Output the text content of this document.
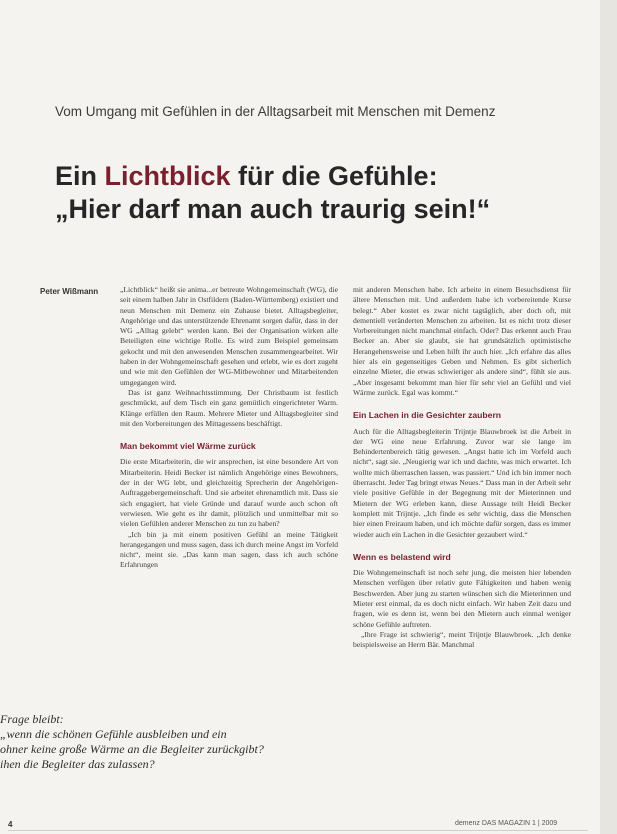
Vom Umgang mit Gefühlen in der Alltagsarbeit mit Menschen mit Demenz
Ein Lichtblick für die Gefühle:
„Hier darf man auch traurig sein!“
Peter Wißmann	„Lichtblick“ heißt sie anima...er betreute Wohngemeinschaft (WG), die seit einem halben Jahr in Ostfildern (Baden-Württemberg) existiert und neun Menschen mit Demenz ein Zuhause bietet. Alltagsbegleiter, Angehörige und das unterstützende Ehrenamt sorgen dafür, dass in der WG „Alltag gelebt“ werden kann. Bei der Organisation wirken alle Beteiligten eine wichtige Rolle. Es wird zum Beispiel gemeinsam gekocht und mit den anwesenden Menschen zusammengearbeitet. Wir haben in der Wohngemeinschaft gesehen und erlebt, wie es dort zugeht und wie mit den Gefühlen der WG-Mitbewohner und Mitarbeitenden umgegangen wird.

Das ist ganz Weihnachtsstimmung. Der Christbaum ist festlich geschmückt, auf dem Tisch ein ganz gemütlich eingerichteter Warm. Klänge erfüllen den Raum. Mehrere Mieter und Alltagsbegleiter sind mit den Vorbereitungen des Mittagessens beschäftigt.

Man bekommt viel Wärme zurück

Die erste Mitarbeiterin, die wir ansprechen, ist eine besondere Art von Mitarbeiterin. Heidi Becker ist nämlich Angehörige eines Bewohners, der in der WG lebt, und gleichzeitig Sprecherin der Angehörigen-Auftraggebergemeinschaft. Und sie arbeitet ehrenamtlich mit. Dass sie sich engagiert, hat viele Gründe und darauf wurde auch schon oft verwiesen. Wie geht es ihr damit, plötzlich und unmittelbar mit so vielen Gefühlen anderer Menschen zu tun zu haben?

„Ich bin ja mit einem positiven Gefühl an meine Tätigkeit herangegangen und muss sagen, dass ich durch meine Angst im Vorfeld nicht“, meint sie. „Das kann man sagen, dass ich auch schöne Erfahrungen

mit anderen Menschen habe. Ich arbeite in einem Besuchsdienst für ältere Menschen mit. Und außerdem habe ich vorbereitende Kurse belegt.“ Aber kostet es zwar nicht tagtäglich, aber doch oft, mit dementiell veränderten Menschen zu arbeiten. Ist es nicht trotz dieser Vorbereitungen nicht manchmal einfach. Oder? Das erkennt auch Frau Becker an. Aber sie glaubt, sie hat grundsätzlich optimistische Herangehensweise und Leben hilft ihr auch hier. „Ich erfahre das alles hier als ein gegenseitiges Geben und Nehmen. Es gibt sicherlich einzelne Mieter, die etwas schwieriger als andere sind“, fühlt sie aus. „Aber insgesamt bekommt man hier für sehr viel an Gefühl und viel Wärme zurück. Egal was kommt.“

Ein Lachen in die Gesichter zaubern

Auch für die Alltagsbegleiterin Trijntje Blauwbroek ist die Arbeit in der WG eine neue Erfahrung. Zuvor war sie lange im Behindertenbereich tätig gewesen. „Angst hatte ich im Vorfeld auch nicht“, sagt sie. „Neugierig war ich und dachte, was mich erwartet. Ich wollte mich überraschen lassen, was passiert.“ Und ich bin immer noch überrascht. Jeder Tag bringt etwas Neues.“ Dass man in der Arbeit sehr viele positive Gefühle in der Begegnung mit der Mieterinnen und Mietern der WG erleben kann, diese Aussage teilt Heidi Becker komplett mit Trijntje. „Ich finde es sehr wichtig, dass die Menschen hier einen Freiraum haben, und ich möchte dafür sorgen, dass es immer wieder auch ein Lachen in die Gesichter gezaubert wird.“

Wenn es belastend wird

Die Wohngemeinschaft ist noch sehr jung, die meisten hier lebenden Menschen verfügen über relativ gute Fähigkeiten und haben wenig Beschwerden. Aber jung zu starten wünschen sich die Mieterinnen und Mieter erst einmal, da es doch nicht einfach. Wir haben Zeit dazu und fragen, wie es denn ist, wenn bei den Mietern auch einmal weniger schöne Gefühle auftreten.

„Ihre Frage ist schwierig“, meint Trijntje Blauwbroek. „Ich denke beispielsweise an Herrn Bär. Manchmal

Frage bleibt:
„wenn die schönen Gefühle ausbleiben und ein
ohner keine große Wärme an die Begleiter zurückgibt?
ihen die Begleiter das zulassen?
4	demenz DAS MAGAZIN 1 | 2009
